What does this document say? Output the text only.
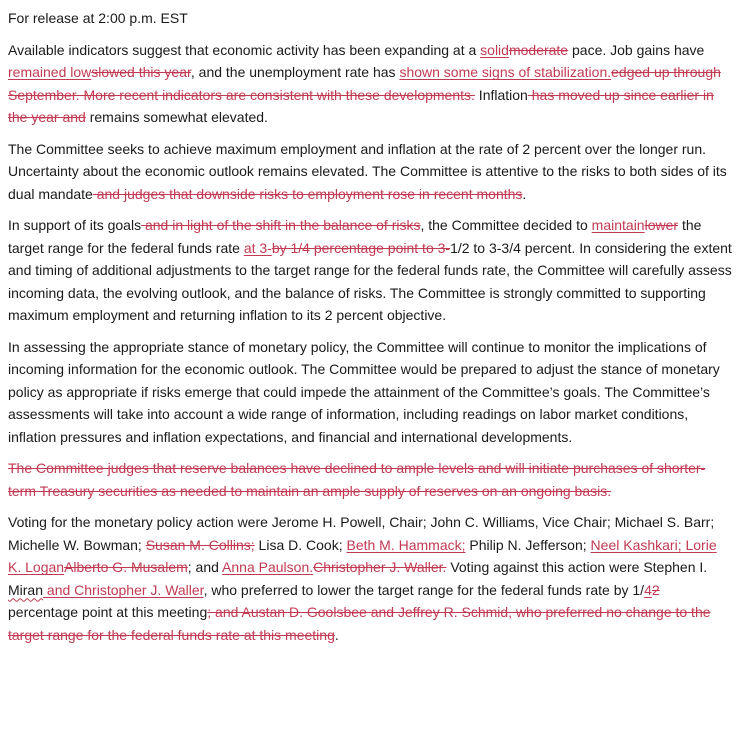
For release at 2:00 p.m. EST

Available indicators suggest that economic activity has been expanding at a solidmoderate pace. Job gains have remained lowslowed this year, and the unemployment rate has shown some signs of stabilization.edged up through September. More recent indicators are consistent with these developments. Inflation has moved up since earlier in the year and remains somewhat elevated.

The Committee seeks to achieve maximum employment and inflation at the rate of 2 percent over the longer run. Uncertainty about the economic outlook remains elevated. The Committee is attentive to the risks to both sides of its dual mandate and judges that downside risks to employment rose in recent months.

In support of its goals and in light of the shift in the balance of risks, the Committee decided to maintainlower the target range for the federal funds rate at 3-by 1/4 percentage point to 3-1/2 to 3-3/4 percent. In considering the extent and timing of additional adjustments to the target range for the federal funds rate, the Committee will carefully assess incoming data, the evolving outlook, and the balance of risks. The Committee is strongly committed to supporting maximum employment and returning inflation to its 2 percent objective.

In assessing the appropriate stance of monetary policy, the Committee will continue to monitor the implications of incoming information for the economic outlook. The Committee would be prepared to adjust the stance of monetary policy as appropriate if risks emerge that could impede the attainment of the Committee’s goals. The Committee’s assessments will take into account a wide range of information, including readings on labor market conditions, inflation pressures and inflation expectations, and financial and international developments.

The Committee judges that reserve balances have declined to ample levels and will initiate purchases of shorter-term Treasury securities as needed to maintain an ample supply of reserves on an ongoing basis.

Voting for the monetary policy action were Jerome H. Powell, Chair; John C. Williams, Vice Chair; Michael S. Barr; Michelle W. Bowman; Susan M. Collins; Lisa D. Cook; Beth M. Hammack; Philip N. Jefferson; Neel Kashkari; Lorie K. LoganAlberto G. Musalem; and Anna Paulson.Christopher J. Waller. Voting against this action were Stephen I. Miran and Christopher J. Waller, who preferred to lower the target range for the federal funds rate by 1/42 percentage point at this meeting; and Austan D. Goolsbee and Jeffrey R. Schmid, who preferred no change to the target range for the federal funds rate at this meeting.
